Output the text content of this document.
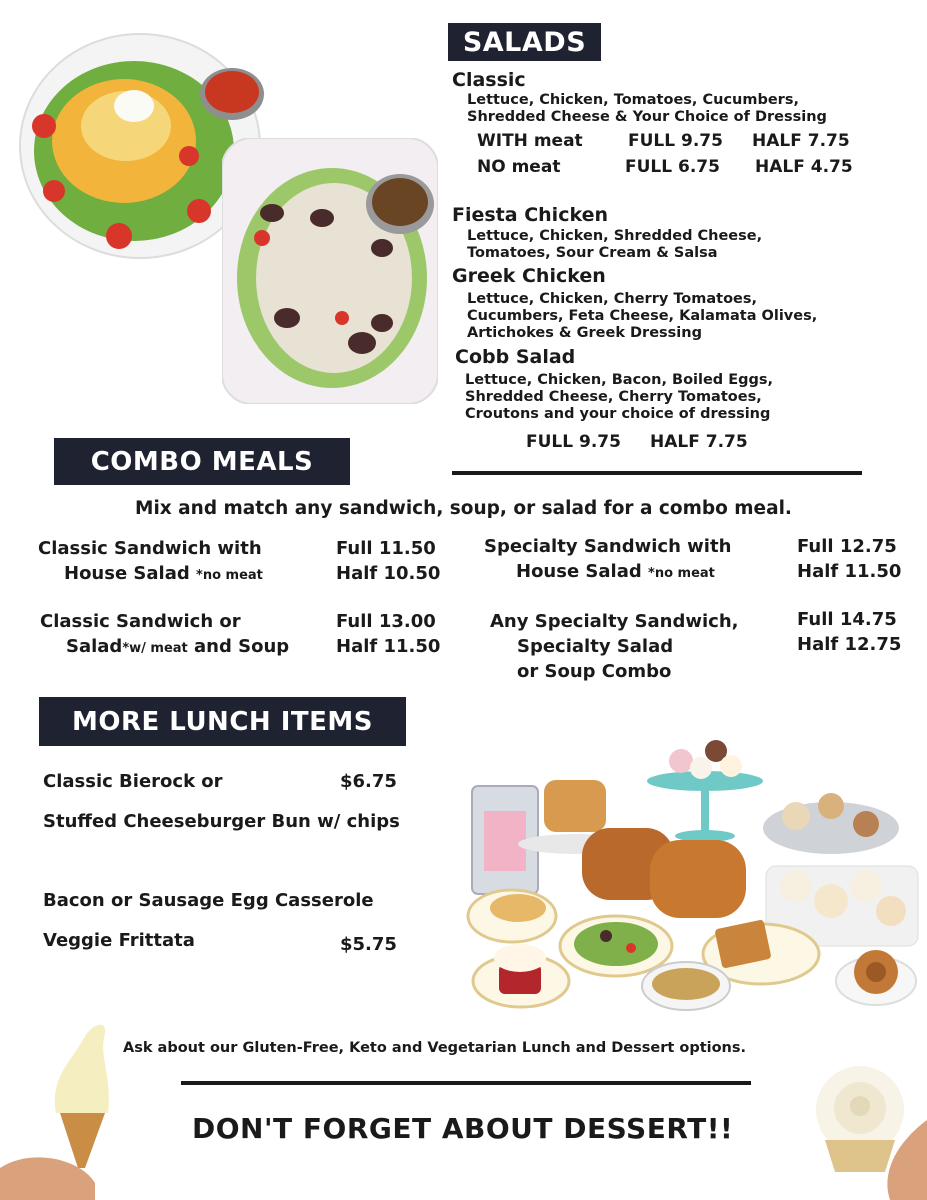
SALADS
Classic
Lettuce, Chicken, Tomatoes, Cucumbers,
Shredded Cheese & Your Choice of Dressing
WITH meat	FULL 9.75 HALF 7.75
NO meat	FULL 6.75 HALF 4.75
Fiesta Chicken
Lettuce, Chicken, Shredded Cheese,
Tomatoes, Sour Cream & Salsa
Greek Chicken
Lettuce, Chicken, Cherry Tomatoes,
Cucumbers, Feta Cheese, Kalamata Olives,
Artichokes & Greek Dressing
Cobb Salad
Lettuce, Chicken, Bacon, Boiled Eggs,
Shredded Cheese, Cherry Tomatoes,
Croutons and your choice of dressing
FULL 9.75 HALF 7.75
COMBO MEALS
Mix and match any sandwich, soup, or salad for a combo meal.
Classic Sandwich with
House Salad *no meat
Full 11.50
Half 10.50
Specialty Sandwich with
House Salad *no meat
Full 12.75
Half 11.50
Classic Sandwich or
Salad*w/ meat and Soup
Full 13.00
Half 11.50
Any Specialty Sandwich,
Specialty Salad
or Soup Combo
Full 14.75
Half 12.75
MORE LUNCH ITEMS
Classic Bierock or	$6.75
Stuffed Cheeseburger Bun w/ chips
Bacon or Sausage Egg Casserole
Veggie Frittata	$5.75
Ask about our Gluten-Free, Keto and Vegetarian Lunch and Dessert options.
DON'T FORGET ABOUT DESSERT!!
